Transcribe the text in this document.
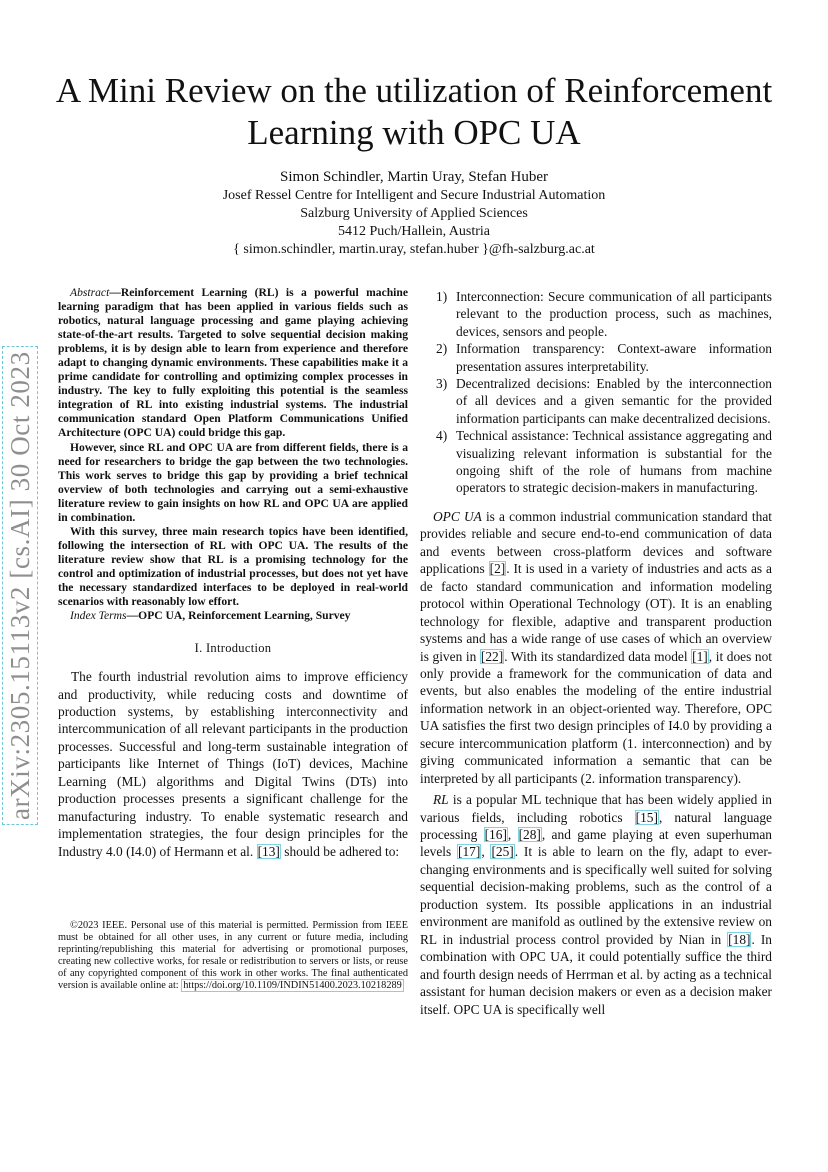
A Mini Review on the utilization of Reinforcement Learning with OPC UA
Simon Schindler, Martin Uray, Stefan Huber
Josef Ressel Centre for Intelligent and Secure Industrial Automation
Salzburg University of Applied Sciences
5412 Puch/Hallein, Austria
{ simon.schindler, martin.uray, stefan.huber }@fh-salzburg.ac.at
arXiv:2305.15113v2 [cs.AI] 30 Oct 2023

Abstract—Reinforcement Learning (RL) is a powerful machine learning paradigm that has been applied in various fields such as robotics, natural language processing and game playing achieving state-of-the-art results. Targeted to solve sequential decision making problems, it is by design able to learn from experience and therefore adapt to changing dynamic environments. These capabilities make it a prime candidate for controlling and optimizing complex processes in industry. The key to fully exploiting this potential is the seamless integration of RL into existing industrial systems. The industrial communication standard Open Platform Communications Unified Architecture (OPC UA) could bridge this gap.

However, since RL and OPC UA are from different fields, there is a need for researchers to bridge the gap between the two technologies. This work serves to bridge this gap by providing a brief technical overview of both technologies and carrying out a semi-exhaustive literature review to gain insights on how RL and OPC UA are applied in combination.

With this survey, three main research topics have been identified, following the intersection of RL with OPC UA. The results of the literature review show that RL is a promising technology for the control and optimization of industrial processes, but does not yet have the necessary standardized interfaces to be deployed in real-world scenarios with reasonably low effort.

Index Terms—OPC UA, Reinforcement Learning, Survey

I. Introduction

The fourth industrial revolution aims to improve efficiency and productivity, while reducing costs and downtime of production systems, by establishing interconnectivity and intercommunication of all relevant participants in the production processes. Successful and long-term sustainable integration of participants like Internet of Things (IoT) devices, Machine Learning (ML) algorithms and Digital Twins (DTs) into production processes presents a significant challenge for the manufacturing industry. To enable systematic research and implementation strategies, the four design principles for the Industry 4.0 (I4.0) of Hermann et al. [13] should be adhered to:

©2023 IEEE. Personal use of this material is permitted. Permission from IEEE must be obtained for all other uses, in any current or future media, including reprinting/republishing this material for advertising or promotional purposes, creating new collective works, for resale or redistribution to servers or lists, or reuse of any copyrighted component of this work in other works. The final authenticated version is available online at: https://doi.org/10.1109/INDIN51400.2023.10218289

1) Interconnection: Secure communication of all participants relevant to the production process, such as machines, devices, sensors and people.
2) Information transparency: Context-aware information presentation assures interpretability.
3) Decentralized decisions: Enabled by the interconnection of all devices and a given semantic for the provided information participants can make decentralized decisions.
4) Technical assistance: Technical assistance aggregating and visualizing relevant information is substantial for the ongoing shift of the role of humans from machine operators to strategic decision-makers in manufacturing.

OPC UA is a common industrial communication standard that provides reliable and secure end-to-end communication of data and events between cross-platform devices and software applications [2]. It is used in a variety of industries and acts as a de facto standard communication and information modeling protocol within Operational Technology (OT). It is an enabling technology for flexible, adaptive and transparent production systems and has a wide range of use cases of which an overview is given in [22]. With its standardized data model [1], it does not only provide a framework for the communication of data and events, but also enables the modeling of the entire industrial information network in an object-oriented way. Therefore, OPC UA satisfies the first two design principles of I4.0 by providing a secure intercommunication platform (1. interconnection) and by giving communicated information a semantic that can be interpreted by all participants (2. information transparency).

RL is a popular ML technique that has been widely applied in various fields, including robotics [15], natural language processing [16], [28], and game playing at even superhuman levels [17], [25]. It is able to learn on the fly, adapt to ever-changing environments and is specifically well suited for solving sequential decision-making problems, such as the control of a production system. Its possible applications in an industrial environment are manifold as outlined by the extensive review on RL in industrial process control provided by Nian in [18]. In combination with OPC UA, it could potentially suffice the third and fourth design needs of Herrman et al. by acting as a technical assistant for human decision makers or even as a decision maker itself. OPC UA is specifically well
